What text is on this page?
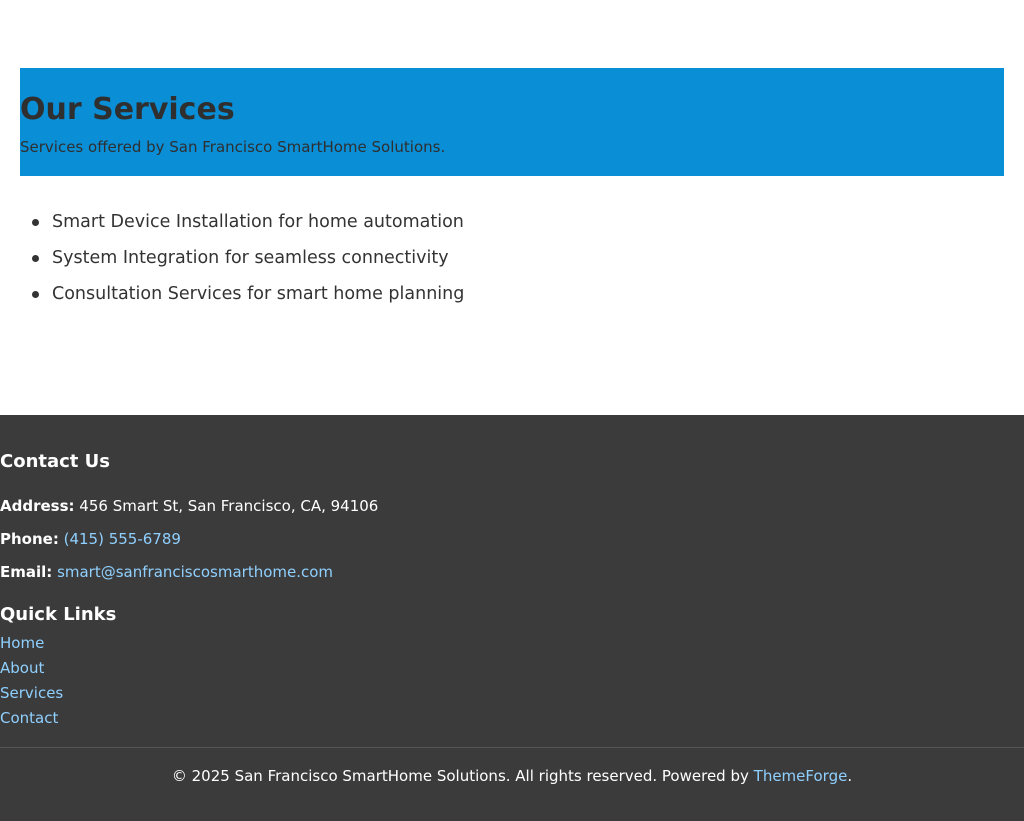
Our Services

Services offered by San Francisco SmartHome Solutions.

Smart Device Installation for home automation
System Integration for seamless connectivity
Consultation Services for smart home planning
Contact Us

Address: 456 Smart St, San Francisco, CA, 94106

Phone: (415) 555-6789

Email: smart@sanfranciscosmarthome.com

Quick Links
Home
About
Services
Contact

© 2025 San Francisco SmartHome Solutions. All rights reserved. Powered by ThemeForge.
